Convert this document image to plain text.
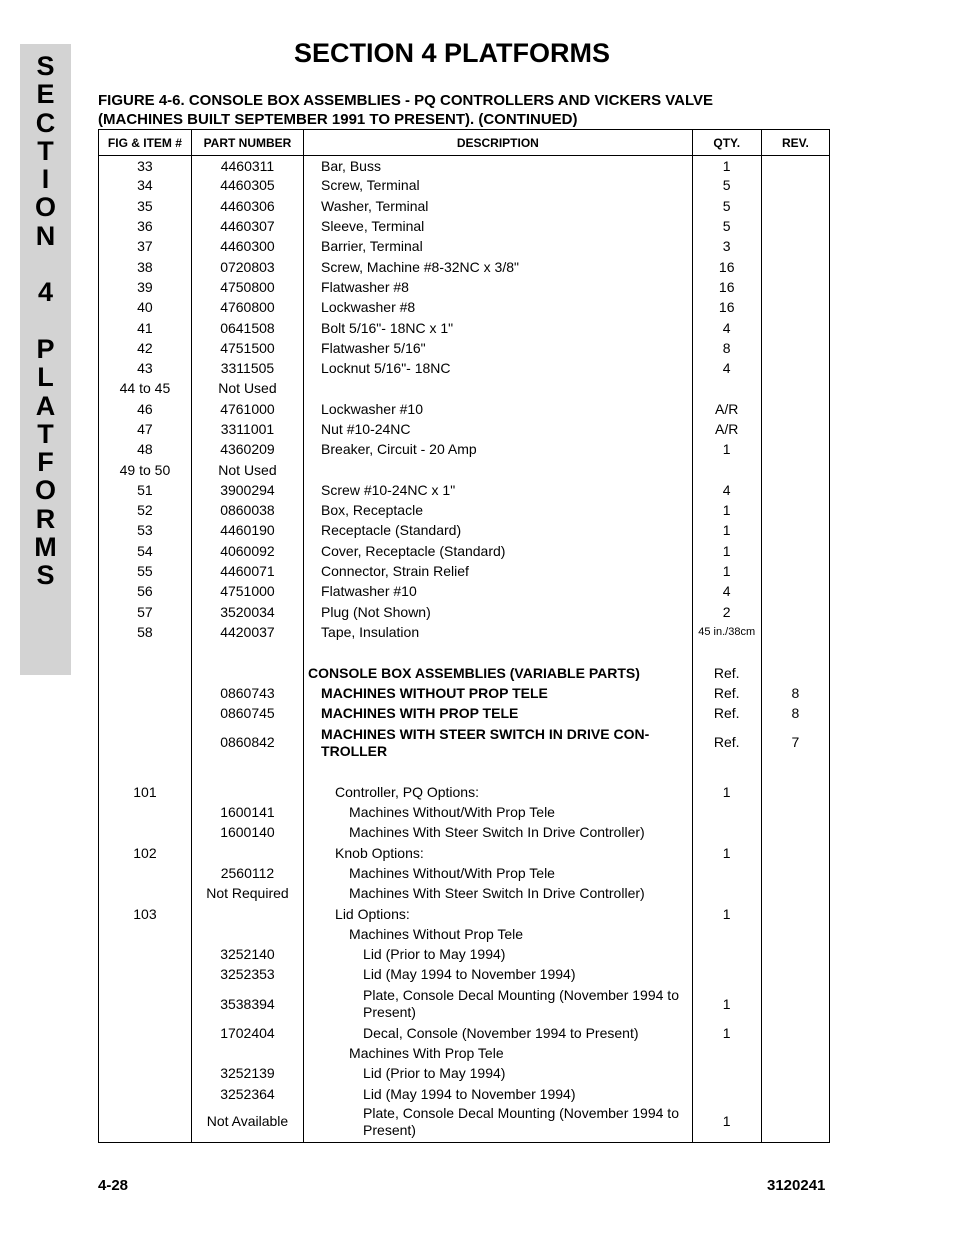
S
E
C
T
I
O
N
4
P
L
A
T
F
O
R
M
S
SECTION 4 PLATFORMS
FIGURE 4-6. CONSOLE BOX ASSEMBLIES - PQ CONTROLLERS AND VICKERS VALVE
(MACHINES BUILT SEPTEMBER 1991 TO PRESENT). (CONTINUED)
FIG & ITEM #	PART NUMBER	DESCRIPTION	QTY.	REV.
33	4460311	Bar, Buss	1	
34	4460305	Screw, Terminal	5	
35	4460306	Washer, Terminal	5	
36	4460307	Sleeve, Terminal	5	
37	4460300	Barrier, Terminal	3	
38	0720803	Screw, Machine #8-32NC x 3/8"	16	
39	4750800	Flatwasher #8	16	
40	4760800	Lockwasher #8	16	
41	0641508	Bolt 5/16"- 18NC x 1"	4	
42	4751500	Flatwasher 5/16"	8	
43	3311505	Locknut 5/16"- 18NC	4	
44 to 45	Not Used			
46	4761000	Lockwasher #10	A/R	
47	3311001	Nut #10-24NC	A/R	
48	4360209	Breaker, Circuit - 20 Amp	1	
49 to 50	Not Used			
51	3900294	Screw #10-24NC x 1"	4	
52	0860038	Box, Receptacle	1	
53	4460190	Receptacle (Standard)	1	
54	4060092	Cover, Receptacle (Standard)	1	
55	4460071	Connector, Strain Relief	1	
56	4751000	Flatwasher #10	4	
57	3520034	Plug (Not Shown)	2	
58	4420037	Tape, Insulation	45 in./38cm	

		CONSOLE BOX ASSEMBLIES (VARIABLE PARTS)	Ref.	
	0860743	MACHINES WITHOUT PROP TELE	Ref.	8
	0860745	MACHINES WITH PROP TELE	Ref.	8
	0860842	MACHINES WITH STEER SWITCH IN DRIVE CON-TROLLER	Ref.	7

101		Controller, PQ Options:	1	
	1600141	Machines Without/With Prop Tele		
	1600140	Machines With Steer Switch In Drive Controller)		
102		Knob Options:	1	
	2560112	Machines Without/With Prop Tele		
	Not Required	Machines With Steer Switch In Drive Controller)		
103		Lid Options:	1	
		Machines Without Prop Tele		
	3252140	Lid (Prior to May 1994)		
	3252353	Lid (May 1994 to November 1994)		
	3538394	Plate, Console Decal Mounting (November 1994 to Present)	1	
	1702404	Decal, Console (November 1994 to Present)	1	
		Machines With Prop Tele		
	3252139	Lid (Prior to May 1994)		
	3252364	Lid (May 1994 to November 1994)		
	Not Available	Plate, Console Decal Mounting (November 1994 to Present)	1	
4-28	3120241
